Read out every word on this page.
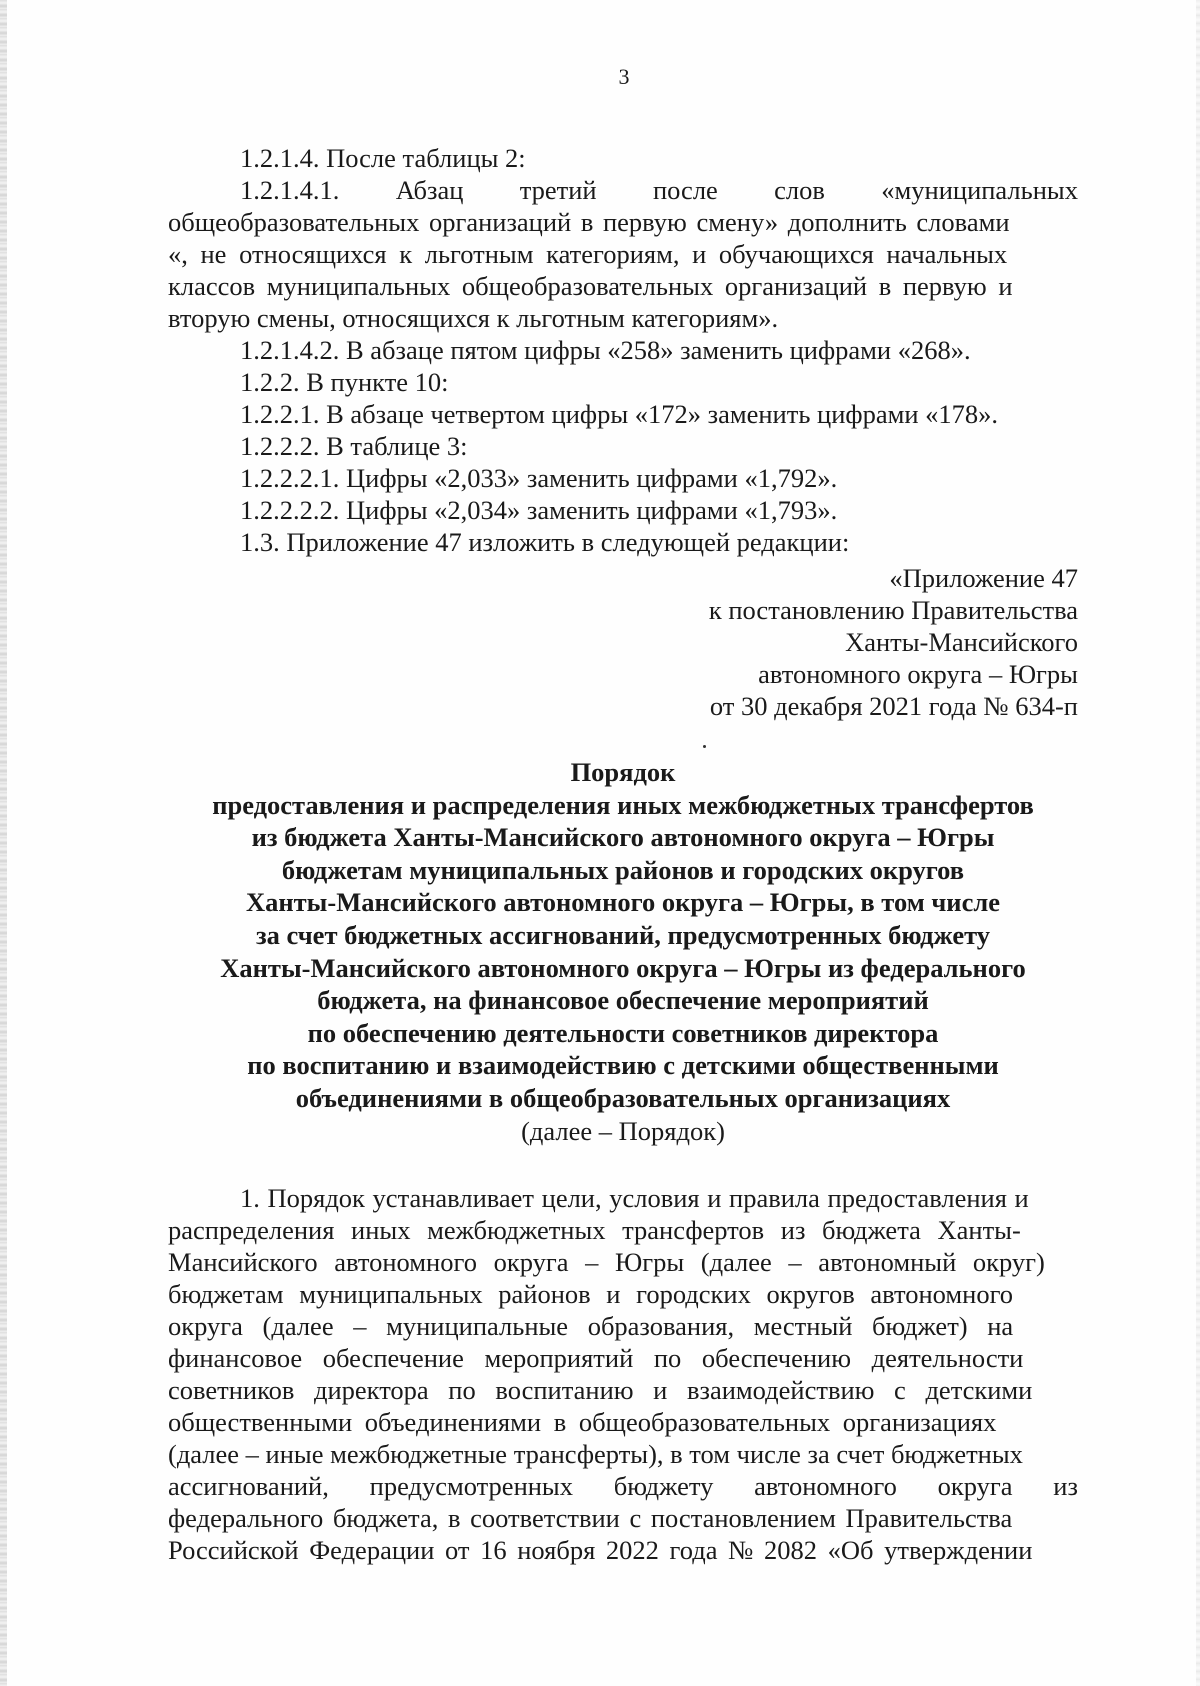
3
1.2.1.4. После таблицы 2:
1.2.1.4.1. Абзац третий после слов «муниципальных
общеобразовательных организаций в первую смену» дополнить словами
«, не относящихся к льготным категориям, и обучающихся начальных
классов муниципальных общеобразовательных организаций в первую и
вторую смены, относящихся к льготным категориям».
1.2.1.4.2. В абзаце пятом цифры «258» заменить цифрами «268».
1.2.2. В пункте 10:
1.2.2.1. В абзаце четвертом цифры «172» заменить цифрами «178».
1.2.2.2. В таблице 3:
1.2.2.2.1. Цифры «2,033» заменить цифрами «1,792».
1.2.2.2.2. Цифры «2,034» заменить цифрами «1,793».
1.3. Приложение 47 изложить в следующей редакции:
«Приложение 47
к постановлению Правительства
Ханты-Мансийского
автономного округа – Югры
от 30 декабря 2021 года № 634-п
Порядок
предоставления и распределения иных межбюджетных трансфертов
из бюджета Ханты-Мансийского автономного округа – Югры
бюджетам муниципальных районов и городских округов
Ханты-Мансийского автономного округа – Югры, в том числе
за счет бюджетных ассигнований, предусмотренных бюджету
Ханты-Мансийского автономного округа – Югры из федерального
бюджета, на финансовое обеспечение мероприятий
по обеспечению деятельности советников директора
по воспитанию и взаимодействию с детскими общественными
объединениями в общеобразовательных организациях
(далее – Порядок)
1. Порядок устанавливает цели, условия и правила предоставления и
распределения иных межбюджетных трансфертов из бюджета Ханты-
Мансийского автономного округа – Югры (далее – автономный округ)
бюджетам муниципальных районов и городских округов автономного
округа (далее – муниципальные образования, местный бюджет) на
финансовое обеспечение мероприятий по обеспечению деятельности
советников директора по воспитанию и взаимодействию с детскими
общественными объединениями в общеобразовательных организациях
(далее – иные межбюджетные трансферты), в том числе за счет бюджетных
ассигнований, предусмотренных бюджету автономного округа из
федерального бюджета, в соответствии с постановлением Правительства
Российской Федерации от 16 ноября 2022 года № 2082 «Об утверждении
